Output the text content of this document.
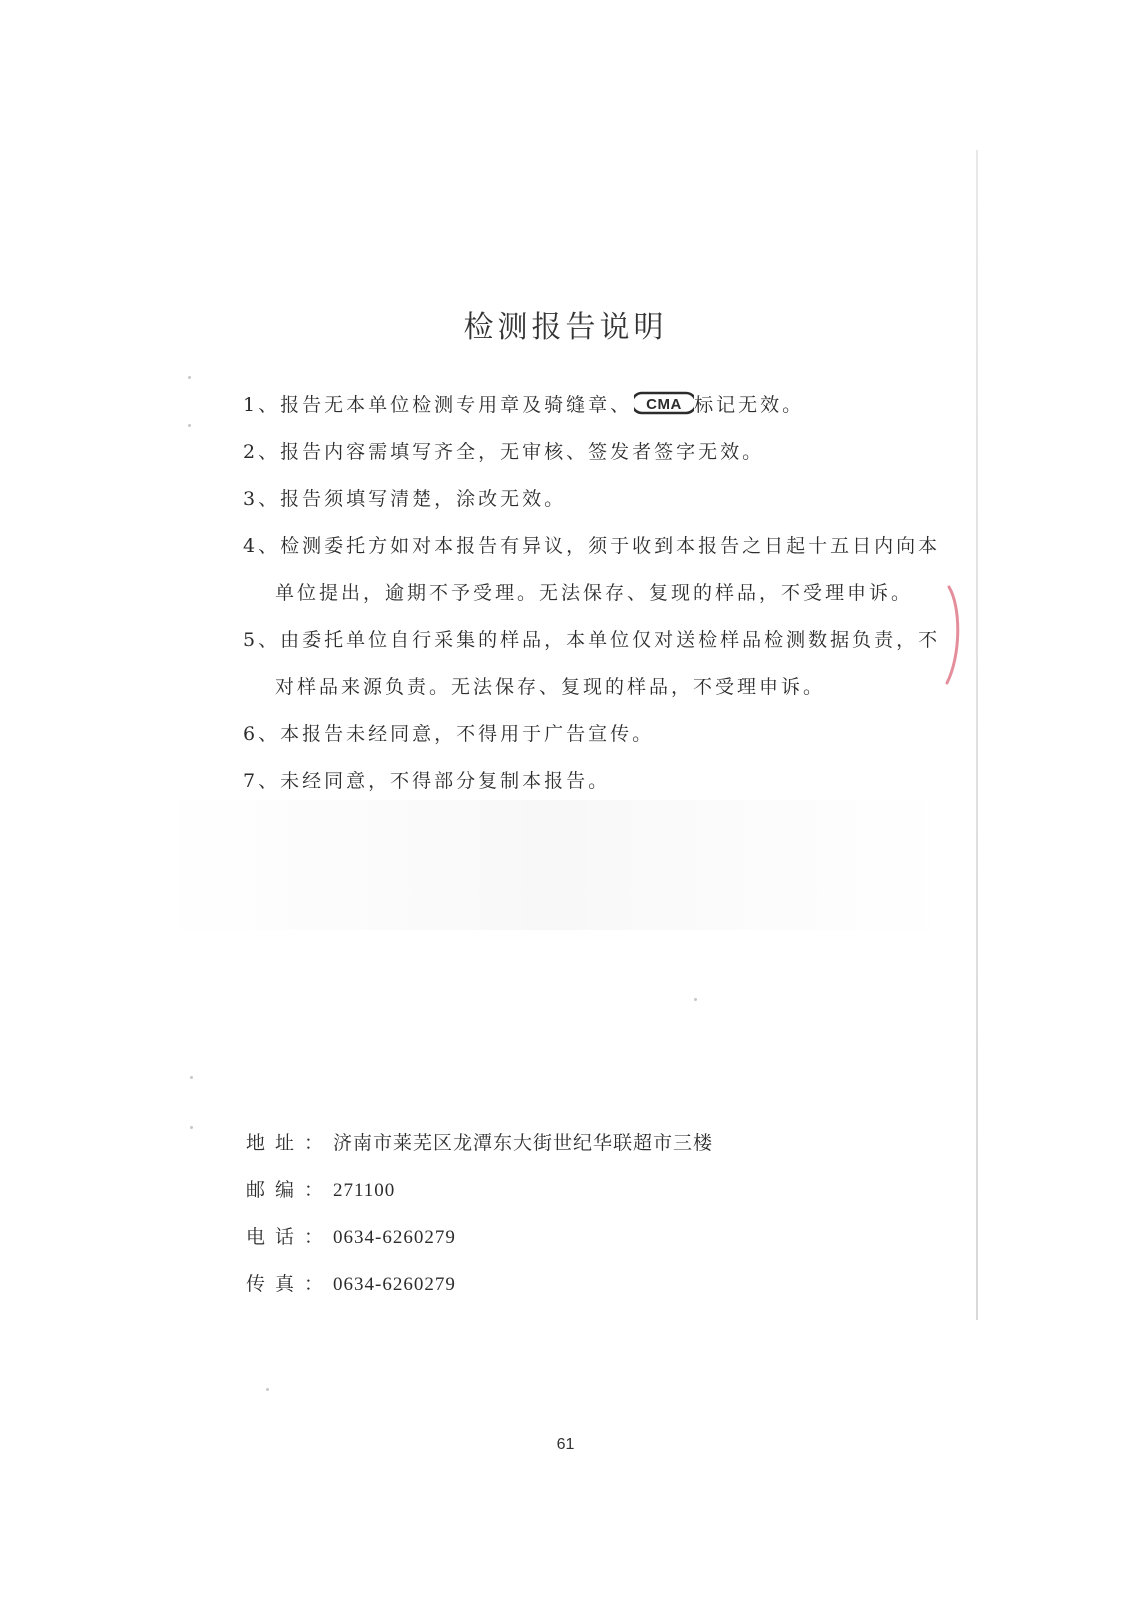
检测报告说明
1、报告无本单位检测专用章及骑缝章、 CMA 标记无效。
2、报告内容需填写齐全，无审核、签发者签字无效。
3、报告须填写清楚，涂改无效。
4、检测委托方如对本报告有异议，须于收到本报告之日起十五日内向本
单位提出，逾期不予受理。无法保存、复现的样品，不受理申诉。
5、由委托单位自行采集的样品，本单位仅对送检样品检测数据负责，不
对样品来源负责。无法保存、复现的样品，不受理申诉。
6、本报告未经同意，不得用于广告宣传。
7、未经同意，不得部分复制本报告。
地址：济南市莱芜区龙潭东大街世纪华联超市三楼
邮编：271100
电话：0634-6260279
传真：0634-6260279
61
